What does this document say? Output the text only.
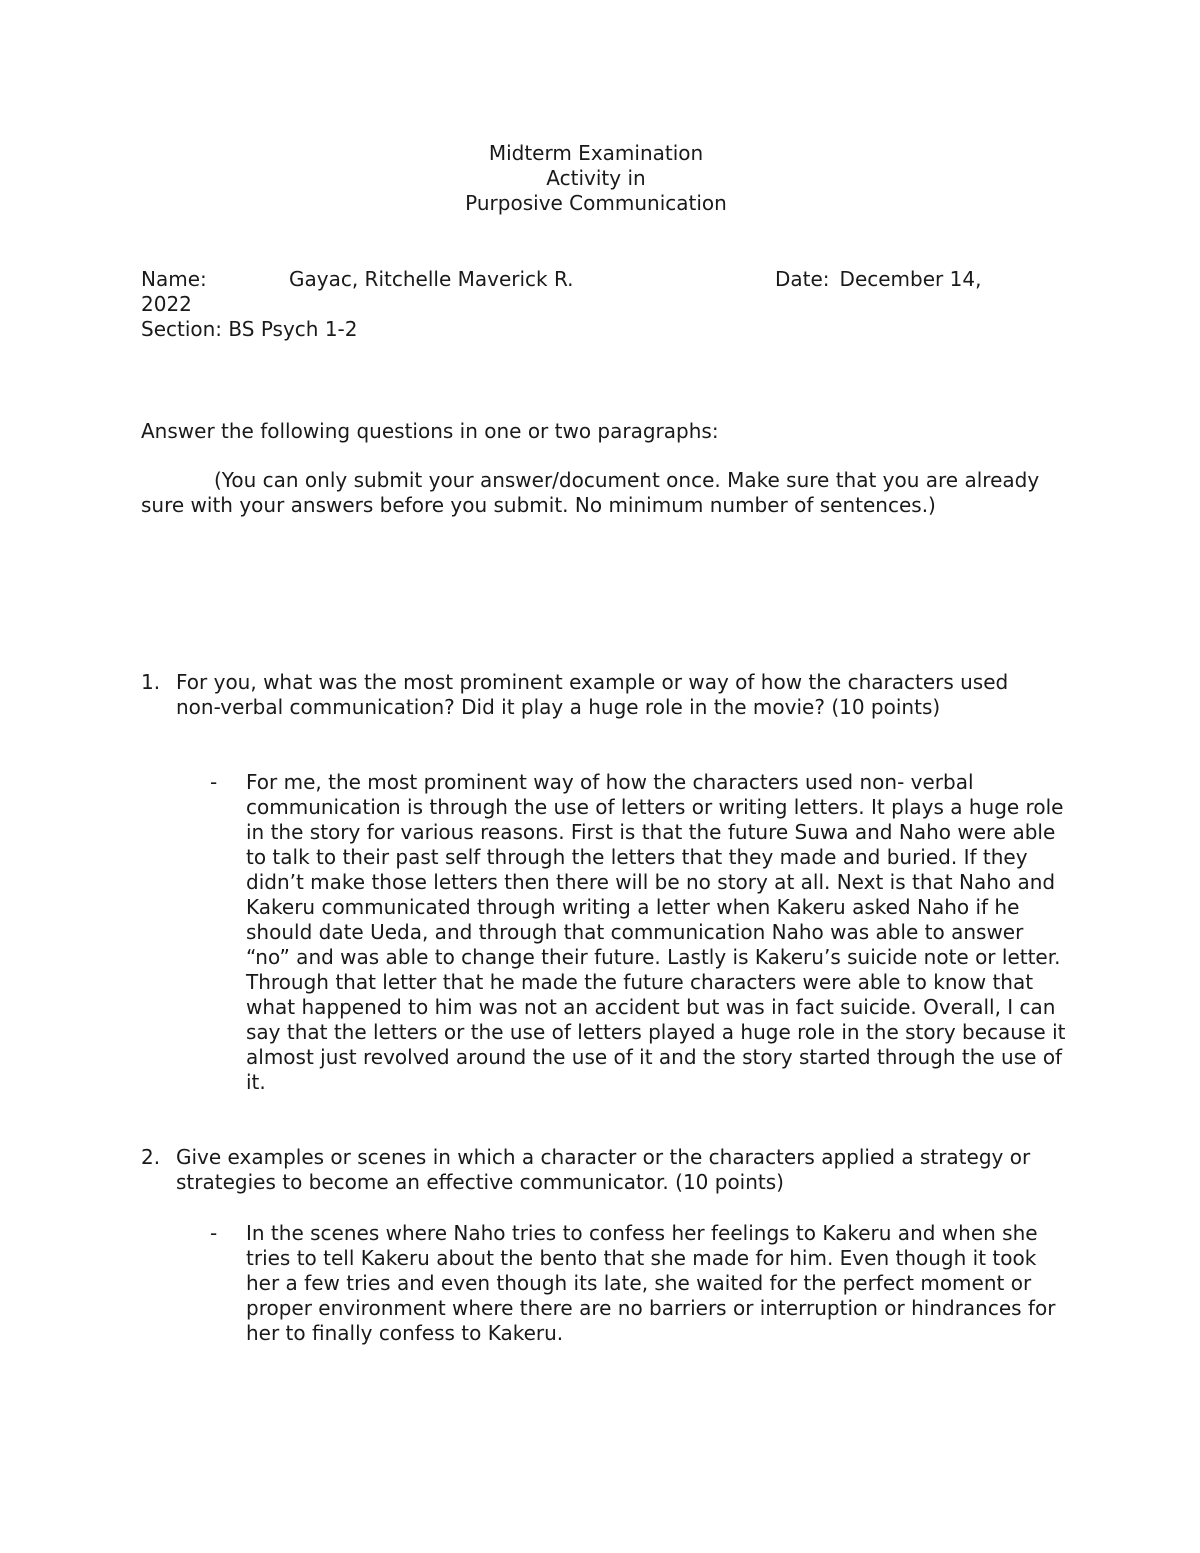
Midterm Examination
Activity in
Purposive Communication
Name:	Gayac, Ritchelle Maverick R.	Date: December 14,
2022
Section: BS Psych 1-2
Answer the following questions in one or two paragraphs:
(You can only submit your answer/document once. Make sure that you are already sure with your answers before you submit. No minimum number of sentences.)
1. For you, what was the most prominent example or way of how the characters used non-verbal communication? Did it play a huge role in the movie? (10 points)
- For me, the most prominent way of how the characters used non- verbal communication is through the use of letters or writing letters. It plays a huge role in the story for various reasons. First is that the future Suwa and Naho were able to talk to their past self through the letters that they made and buried. If they didn’t make those letters then there will be no story at all. Next is that Naho and Kakeru communicated through writing a letter when Kakeru asked Naho if he should date Ueda, and through that communication Naho was able to answer “no” and was able to change their future. Lastly is Kakeru’s suicide note or letter. Through that letter that he made the future characters were able to know that what happened to him was not an accident but was in fact suicide. Overall, I can say that the letters or the use of letters played a huge role in the story because it almost just revolved around the use of it and the story started through the use of it.
2. Give examples or scenes in which a character or the characters applied a strategy or strategies to become an effective communicator. (10 points)
- In the scenes where Naho tries to confess her feelings to Kakeru and when she tries to tell Kakeru about the bento that she made for him. Even though it took her a few tries and even though its late, she waited for the perfect moment or proper environment where there are no barriers or interruption or hindrances for her to finally confess to Kakeru.
